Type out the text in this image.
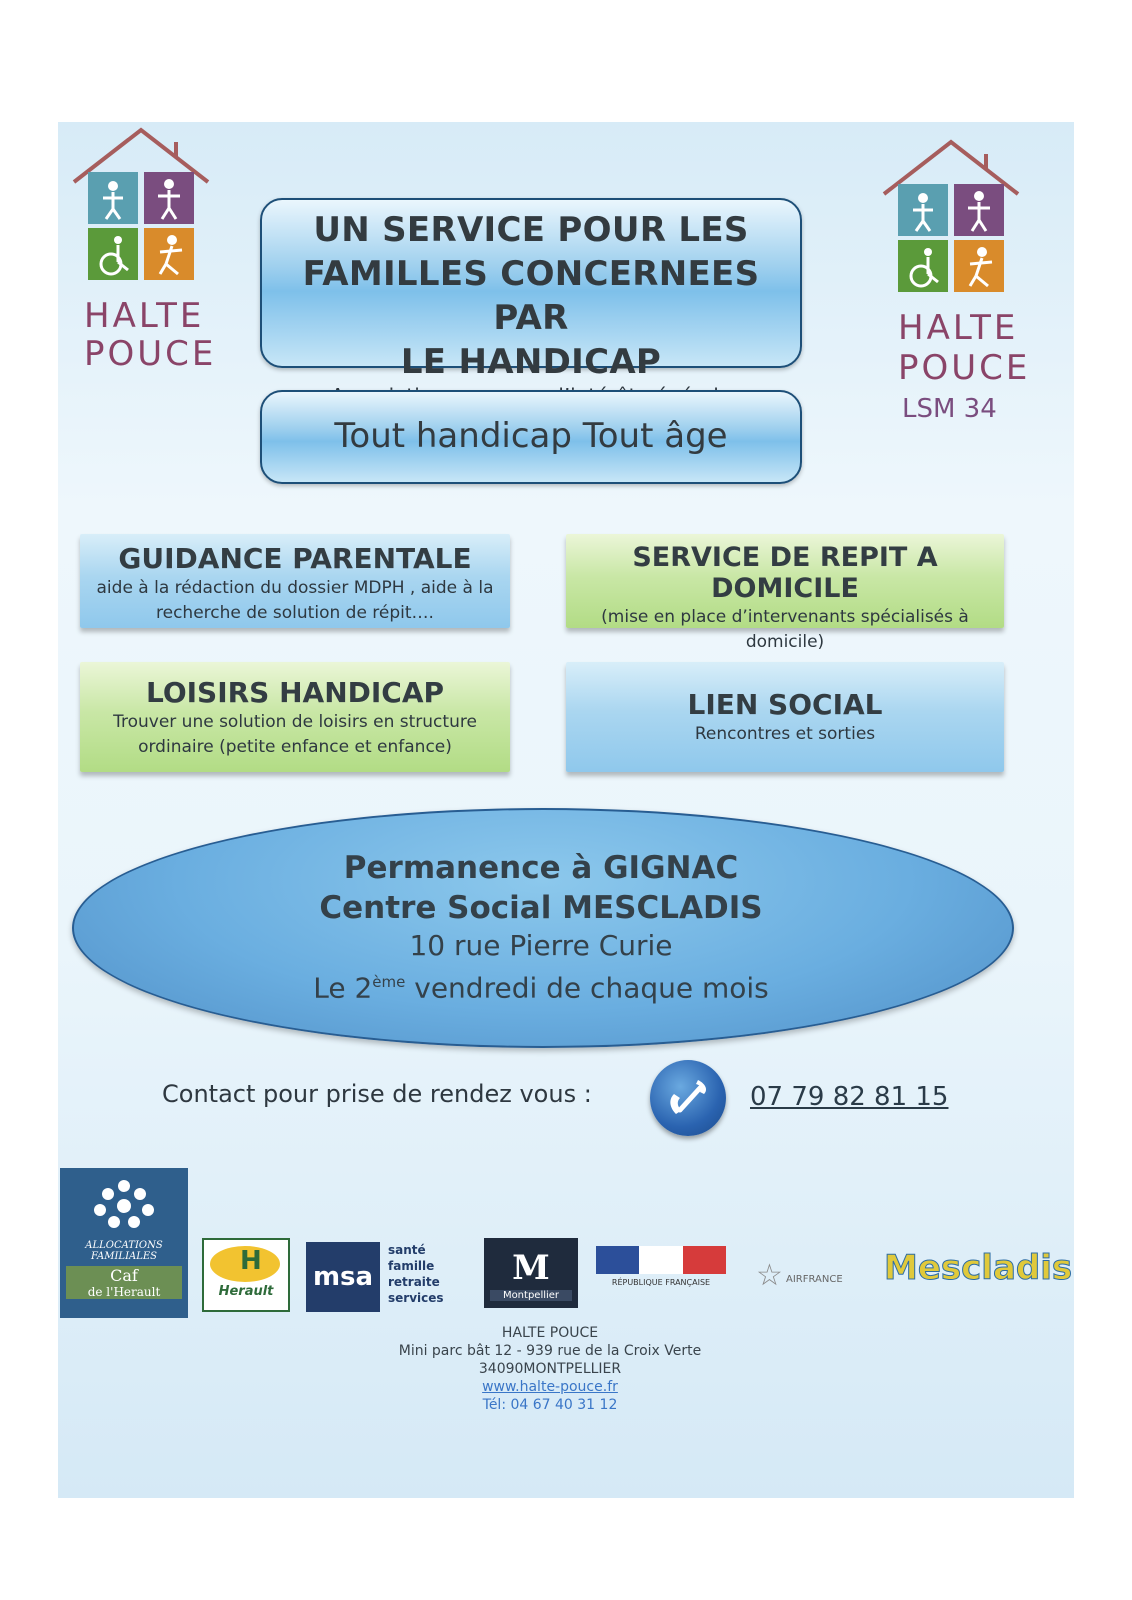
HALTE
POUCE
HALTE
POUCE
LSM 34
UN SERVICE POUR LES
FAMILLES CONCERNEES PAR
LE HANDICAP
Tout handicap Tout âge
GUIDANCE PARENTALE
aide à la rédaction du dossier MDPH , aide à la
recherche de solution de répit….
SERVICE DE REPIT A DOMICILE
(mise en place d’intervenants spécialisés à
domicile)
LOISIRS HANDICAP
Trouver une solution de loisirs en structure
ordinaire (petite enfance et enfance)
LIEN SOCIAL
Rencontres et sorties
Permanence à GIGNAC
Centre Social MESCLADIS
10 rue Pierre Curie
Le 2ème vendredi de chaque mois
Contact pour prise de rendez vous :	07 79 82 81 15
ALLOCATIONS
FAMILIALES
Caf
de l'Herault
H
Herault	msa
santé
famille
retraite
services
M
Montpellier
RÉPUBLIQUE FRANÇAISE	☆ AIRFRANCE Mescladis
HALTE POUCE
Mini parc bât 12 - 939 rue de la Croix Verte
34090MONTPELLIER
www.halte-pouce.fr
Tél: 04 67 40 31 12
